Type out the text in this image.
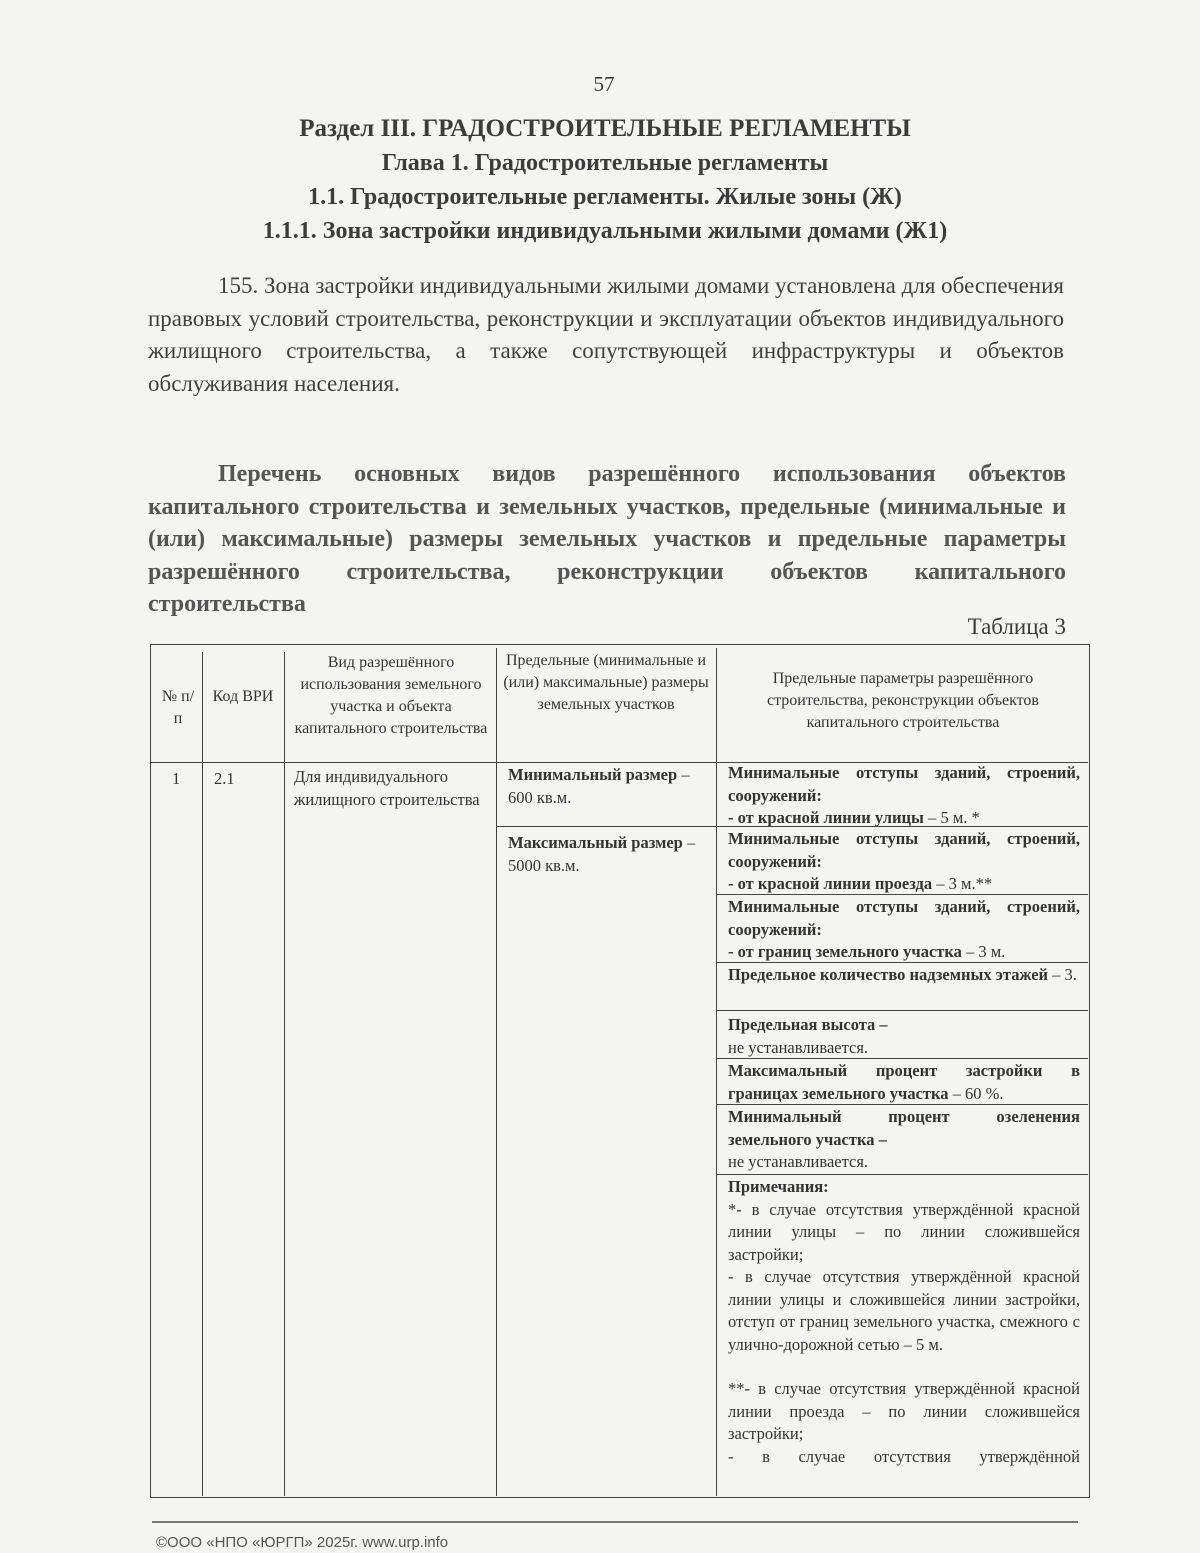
57
Раздел III. ГРАДОСТРОИТЕЛЬНЫЕ РЕГЛАМЕНТЫ
Глава 1. Градостроительные регламенты
1.1. Градостроительные регламенты. Жилые зоны (Ж)
1.1.1. Зона застройки индивидуальными жилыми домами (Ж1)
155. Зона застройки индивидуальными жилыми домами установлена для обеспечения правовых условий строительства, реконструкции и эксплуатации объектов индивидуального жилищного строительства, а также сопутствующей инфраструктуры и объектов обслуживания населения.
Перечень основных видов разрешённого использования объектов капитального строительства и земельных участков, предельные (минимальные и (или) максимальные) размеры земельных участков и предельные параметры разрешённого строительства, реконструкции объектов капитального строительства
Таблица 3
№ п/п
Код ВРИ
Вид разрешённого использования земельного участка и объекта капитального строительства
Предельные (минимальные и (или) максимальные) размеры земельных участков
Предельные параметры разрешённого строительства, реконструкции объектов капитального строительства
1 2.1	Для индивидуального жилищного строительства
Минимальный размер – 600 кв.м.
Максимальный размер – 5000 кв.м.
Минимальные отступы зданий, строений, сооружений:
- от красной линии улицы – 5 м. *
Минимальные отступы зданий, строений, сооружений:
- от красной линии проезда – 3 м.**
Минимальные отступы зданий, строений, сооружений:
- от границ земельного участка – 3 м.
Предельное количество надземных этажей – 3.
Предельная высота –
не устанавливается.
Максимальный процент застройки в границах земельного участка – 60 %.
Минимальный процент озеленения земельного участка –
не устанавливается.
Примечания:
*- в случае отсутствия утверждённой красной линии улицы – по линии сложившейся застройки;
- в случае отсутствия утверждённой красной линии улицы и сложившейся линии застройки, отступ от границ земельного участка, смежного с улично-дорожной сетью – 5 м.
**- в случае отсутствия утверждённой красной линии проезда – по линии сложившейся застройки;
- в случае отсутствия утверждённой
©ООО «НПО «ЮРГП» 2025г. www.urp.info
